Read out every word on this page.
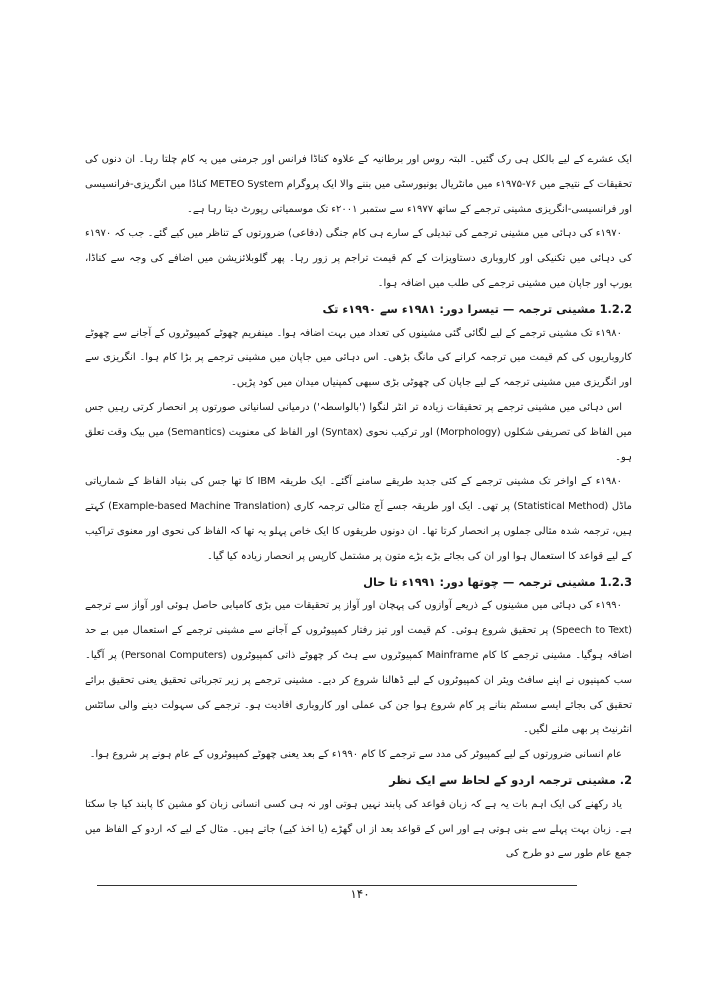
ایک عشرے کے لیے بالکل ہی رک گئیں۔ البتہ روس اور برطانیہ کے علاوہ کناڈا فرانس اور جرمنی میں یہ کام چلتا رہا۔ ان دنوں کی تحقیقات کے نتیجے میں ۷۶-۱۹۷۵ء میں مانٹریال یونیورسٹی میں بننے والا ایک پروگرام METEO System کناڈا میں انگریزی-فرانسیسی اور فرانسیسی-انگریزی مشینی ترجمے کے ساتھ ۱۹۷۷ء سے ستمبر ۲۰۰۱ء تک موسمیاتی رپورٹ دیتا رہا ہے۔

۱۹۷۰ء کی دہائی میں مشینی ترجمے کی تبدیلی کے سارے ہی کام جنگی (دفاعی) ضرورتوں کے تناظر میں کیے گئے۔ جب کہ ۱۹۷۰ء کی دہائی میں تکنیکی اور کاروباری دستاویزات کے کم قیمت تراجم پر زور رہا۔ پھر گلوبلائزیشن میں اضافے کی وجہ سے کناڈا، یورپ اور جاپان میں مشینی ترجمے کی طلب میں اضافہ ہوا۔

1.2.2 مشینی ترجمہ — تیسرا دور: ۱۹۸۱ء سے ۱۹۹۰ء تک

۱۹۸۰ء تک مشینی ترجمے کے لیے لگائی گئی مشینوں کی تعداد میں بہت اضافہ ہوا۔ مینفریم چھوٹے کمپیوٹروں کے آجانے سے چھوٹے کاروباریوں کی کم قیمت میں ترجمہ کرانے کی مانگ بڑھی۔ اس دہائی میں جاپان میں مشینی ترجمے پر بڑا کام ہوا۔ انگریزی سے اور انگریزی میں مشینی ترجمہ کے لیے جاپان کی چھوٹی بڑی سبھی کمپنیاں میدان میں کود پڑیں۔

اس دہائی میں مشینی ترجمے پر تحقیقات زیادہ تر انٹر لنگوا ('بالواسطہ') درمیانی لسانیاتی صورتوں پر انحصار کرتی رہیں جس میں الفاظ کی تصریفی شکلوں (Morphology) اور ترکیب نحوی (Syntax) اور الفاظ کی معنویت (Semantics) میں بیک وقت تعلق ہو۔

۱۹۸۰ء کے اواخر تک مشینی ترجمے کے کئی جدید طریقے سامنے آگئے۔ ایک طریقہ IBM کا تھا جس کی بنیاد الفاظ کے شماریاتی ماڈل (Statistical Method) پر تھی۔ ایک اور طریقہ جسے آج مثالی ترجمہ کاری (Example-based Machine Translation) کہتے ہیں، ترجمہ شدہ مثالی جملوں پر انحصار کرتا تھا۔ ان دونوں طریقوں کا ایک خاص پہلو یہ تھا کہ الفاظ کی نحوی اور معنوی تراکیب کے لیے قواعد کا استعمال ہوا اور ان کی بجائے بڑے بڑے متون پر مشتمل کارپس پر انحصار زیادہ کیا گیا۔

1.2.3 مشینی ترجمہ — چوتھا دور: ۱۹۹۱ء تا حال

۱۹۹۰ء کی دہائی میں مشینوں کے ذریعے آوازوں کی پہچان اور آواز پر تحقیقات میں بڑی کامیابی حاصل ہوئی اور آواز سے ترجمے (Speech to Text) پر تحقیق شروع ہوئی۔ کم قیمت اور تیز رفتار کمپیوٹروں کے آجانے سے مشینی ترجمے کے استعمال میں بے حد اضافہ ہوگیا۔ مشینی ترجمے کا کام Mainframe کمپیوٹروں سے ہٹ کر چھوٹے ذاتی کمپیوٹروں (Personal Computers) پر آگیا۔ سب کمپنیوں نے اپنے سافٹ ویئر ان کمپیوٹروں کے لیے ڈھالنا شروع کر دیے۔ مشینی ترجمے پر زیر تجرباتی تحقیق یعنی تحقیق برائے تحقیق کی بجائے ایسے سسٹم بنانے پر کام شروع ہوا جن کی عملی اور کاروباری افادیت ہو۔ ترجمے کی سہولت دینے والی سائٹس انٹرنیٹ پر بھی ملنے لگیں۔

عام انسانی ضرورتوں کے لیے کمپیوٹر کی مدد سے ترجمے کا کام ۱۹۹۰ء کے بعد یعنی چھوٹے کمپیوٹروں کے عام ہونے پر شروع ہوا۔

2. مشینی ترجمہ اردو کے لحاظ سے ایک نظر

یاد رکھنے کی ایک اہم بات یہ ہے کہ زبان قواعد کی پابند نہیں ہوتی اور نہ ہی کسی انسانی زبان کو مشین کا پابند کیا جا سکتا ہے۔ زبان بہت پہلے سے بنی ہوتی ہے اور اس کے قواعد بعد از اں گھڑے (یا اخذ کیے) جاتے ہیں۔ مثال کے لیے کہ اردو کے الفاظ میں جمع عام طور سے دو طرح کی

۱۴۰
